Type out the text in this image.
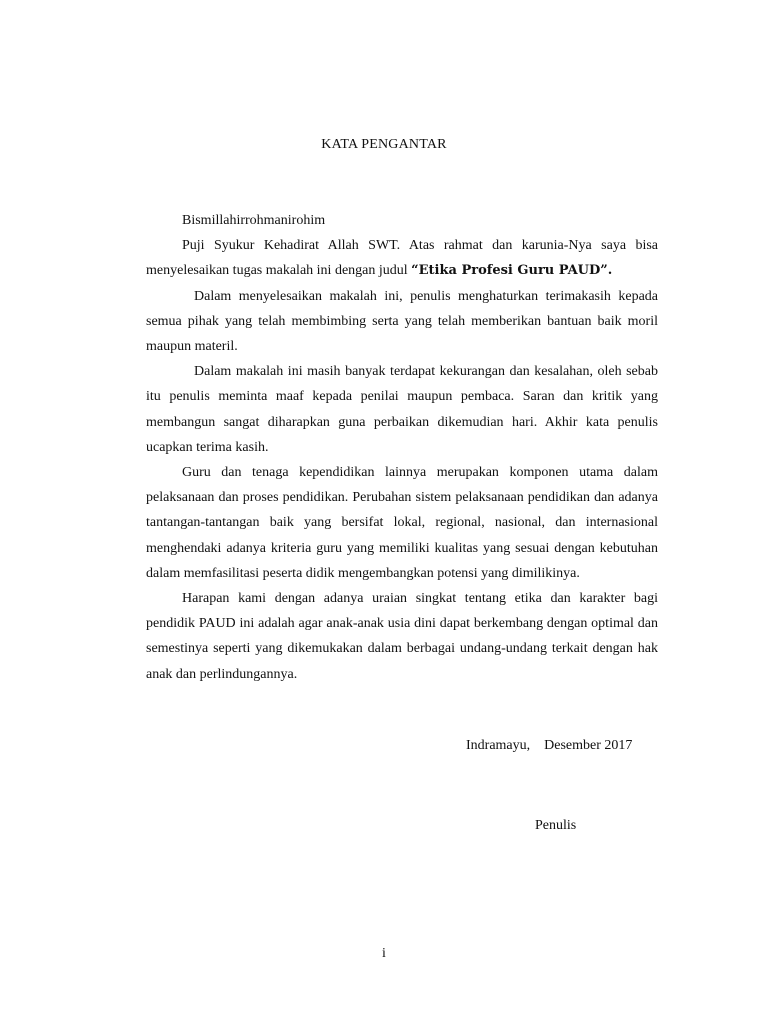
KATA PENGANTAR

Bismillahirrohmanirohim

Puji Syukur Kehadirat Allah SWT. Atas rahmat dan karunia-Nya saya bisa menyelesaikan tugas makalah ini dengan judul “Etika Profesi Guru PAUD”.

Dalam menyelesaikan makalah ini, penulis menghaturkan terimakasih kepada semua pihak yang telah membimbing serta yang telah memberikan bantuan baik moril maupun materil.

Dalam makalah ini masih banyak terdapat kekurangan dan kesalahan, oleh sebab itu penulis meminta maaf kepada penilai maupun pembaca. Saran dan kritik yang membangun sangat diharapkan guna perbaikan dikemudian hari. Akhir kata penulis ucapkan terima kasih.

Guru dan tenaga kependidikan lainnya merupakan komponen utama dalam pelaksanaan dan proses pendidikan. Perubahan sistem pelaksanaan pendidikan dan adanya tantangan-tantangan baik yang bersifat lokal, regional, nasional, dan internasional menghendaki adanya kriteria guru yang memiliki kualitas yang sesuai dengan kebutuhan dalam memfasilitasi peserta didik mengembangkan potensi yang dimilikinya.

Harapan kami dengan adanya uraian singkat tentang etika dan karakter bagi pendidik PAUD ini adalah agar anak-anak usia dini dapat berkembang dengan optimal dan semestinya seperti yang dikemukakan dalam berbagai undang-undang terkait dengan hak anak dan perlindungannya.

Indramayu,    Desember 2017
Penulis
i
